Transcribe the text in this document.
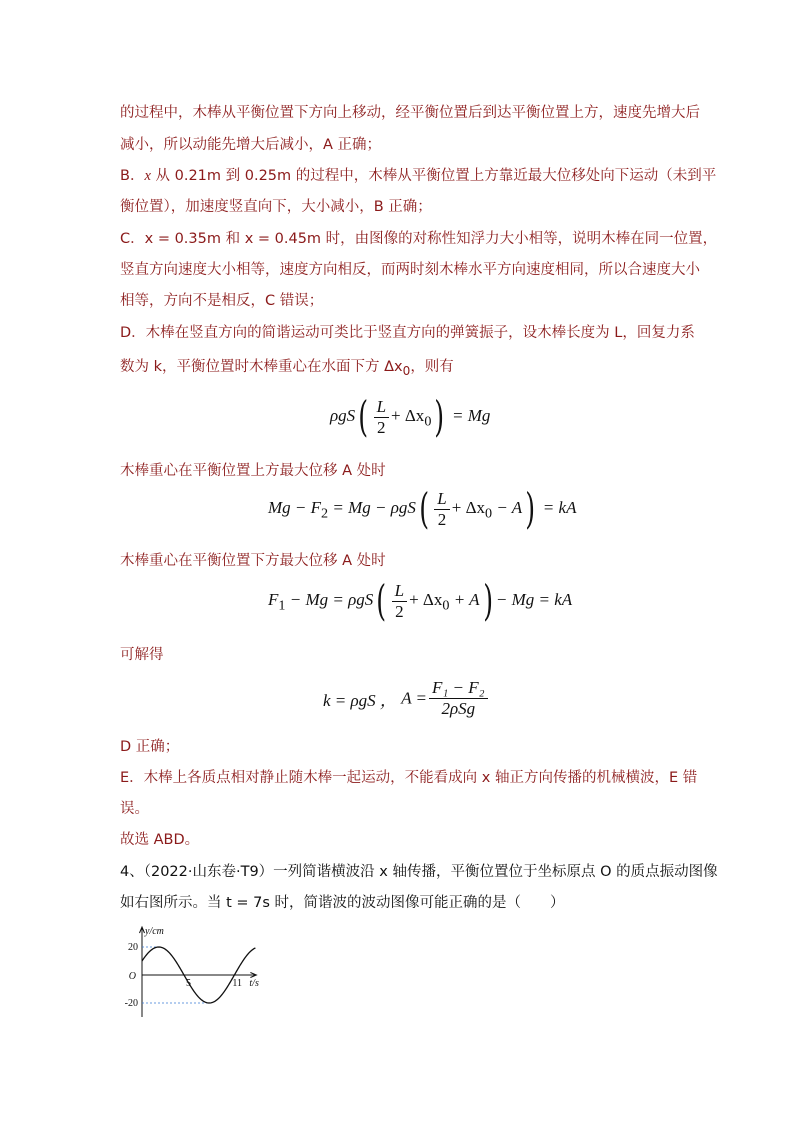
的过程中，木棒从平衡位置下方向上移动，经平衡位置后到达平衡位置上方，速度先增大后
减小，所以动能先增大后减小，A 正确；
B．x 从 0.21m 到 0.25m 的过程中，木棒从平衡位置上方靠近最大位移处向下运动（未到平
衡位置），加速度竖直向下，大小减小，B 正确；
C．x = 0.35m 和 x = 0.45m 时，由图像的对称性知浮力大小相等，说明木棒在同一位置，
竖直方向速度大小相等，速度方向相反，而两时刻木棒水平方向速度相同，所以合速度大小
相等，方向不是相反，C 错误；
D．木棒在竖直方向的简谐运动可类比于竖直方向的弹簧振子，设木棒长度为 L，回复力系
数为 k，平衡位置时木棒重心在水面下方 $\Delta x_0$，则有
$\rho gS( \frac{L}{2} + \Delta x_0) = Mg$
木棒重心在平衡位置上方最大位移 A 处时
$Mg - F_2 = Mg - \rho gS( \frac{L}{2} + \Delta x_0 - A)$ = kA
木棒重心在平衡位置下方最大位移 A 处时
$F_1 - Mg = \rho gS( \frac{L}{2} + \Delta x_0 + A) - Mg$ = kA
可解得
k = ρgS ， $A = \frac{\text{F₁ − F₂}}{\text{2ρSg}}$
D 正确；
E．木棒上各质点相对静止随木棒一起运动，不能看成向 x 轴正方向传播的机械横波，E 错
误。
故选 ABD。
4、（2022·山东卷·T9）一列简谐横波沿 x 轴传播，平衡位置位于坐标原点 O 的质点振动图像
如右图所示。当 t = 7s 时，简谐波的波动图像可能正确的是（　　）
y/cm
20
-20
O
5	11 t/s
